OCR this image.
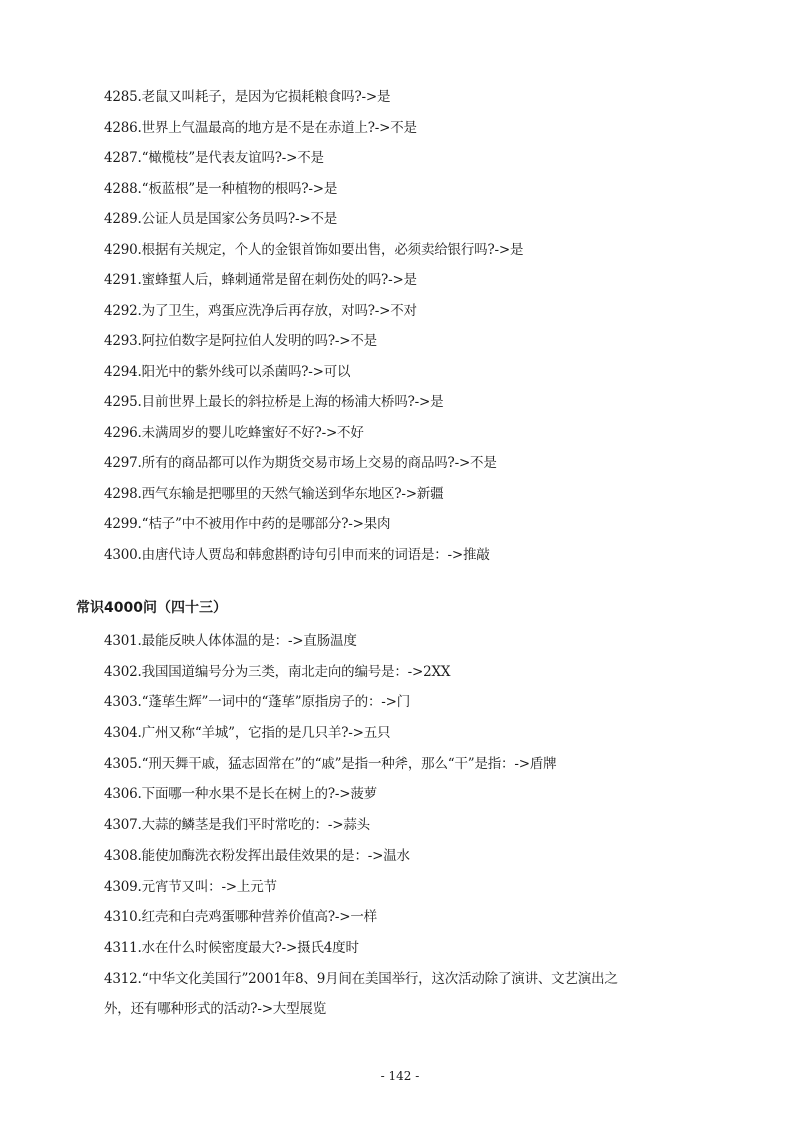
4285.老鼠又叫耗子，是因为它损耗粮食吗?->是
4286.世界上气温最高的地方是不是在赤道上?->不是
4287.“橄榄枝”是代表友谊吗?->不是
4288.“板蓝根”是一种植物的根吗?->是
4289.公证人员是国家公务员吗?->不是
4290.根据有关规定，个人的金银首饰如要出售，必须卖给银行吗?->是
4291.蜜蜂蜇人后，蜂刺通常是留在刺伤处的吗?->是
4292.为了卫生，鸡蛋应洗净后再存放，对吗?->不对
4293.阿拉伯数字是阿拉伯人发明的吗?->不是
4294.阳光中的紫外线可以杀菌吗?->可以
4295.目前世界上最长的斜拉桥是上海的杨浦大桥吗?->是
4296.未满周岁的婴儿吃蜂蜜好不好?->不好
4297.所有的商品都可以作为期货交易市场上交易的商品吗?->不是
4298.西气东输是把哪里的天然气输送到华东地区?->新疆
4299.“桔子”中不被用作中药的是哪部分?->果肉
4300.由唐代诗人贾岛和韩愈斟酌诗句引申而来的词语是：->推敲
常识4000问（四十三）
4301.最能反映人体体温的是：->直肠温度
4302.我国国道编号分为三类，南北走向的编号是：->2XX
4303.“蓬荜生辉”一词中的“蓬荜”原指房子的：->门
4304.广州又称“羊城”，它指的是几只羊?->五只
4305.“刑天舞干戚，猛志固常在”的“戚”是指一种斧，那么“干”是指：->盾牌
4306.下面哪一种水果不是长在树上的?->菠萝
4307.大蒜的鳞茎是我们平时常吃的：->蒜头
4308.能使加酶洗衣粉发挥出最佳效果的是：->温水
4309.元宵节又叫：->上元节
4310.红壳和白壳鸡蛋哪种营养价值高?->一样
4311.水在什么时候密度最大?->摄氏4度时
4312.“中华文化美国行”2001年8、9月间在美国举行，这次活动除了演讲、文艺演出之
外，还有哪种形式的活动?->大型展览
- 142 -
